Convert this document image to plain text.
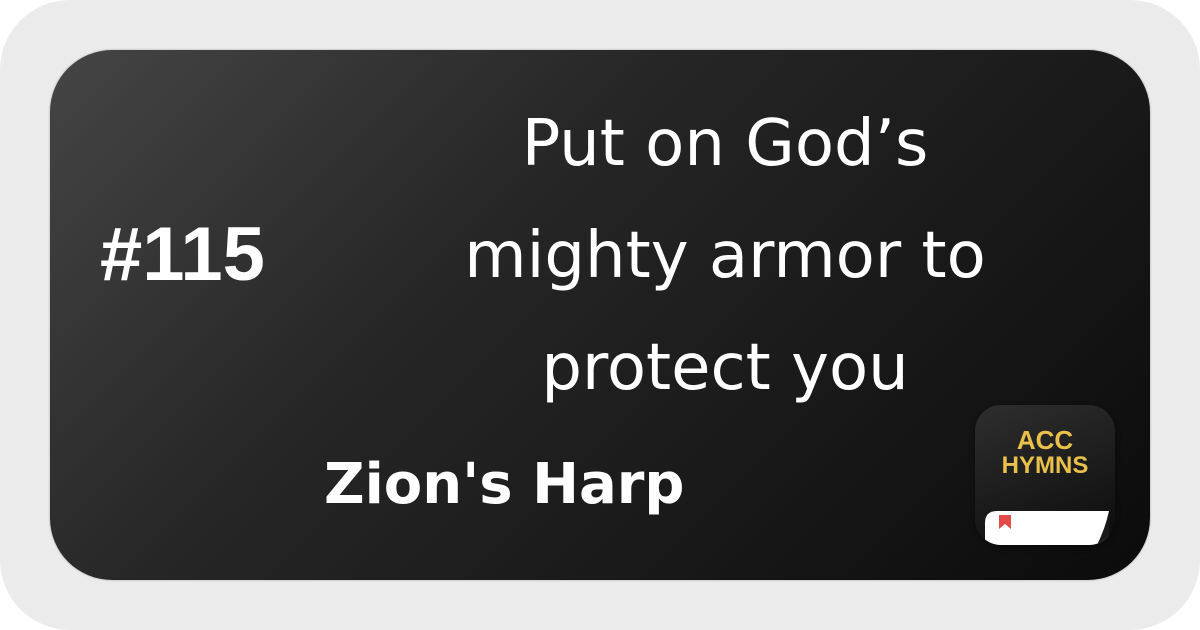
#115
Put on God’s
mighty armor to
protect you
Zion's Harp
ACC
HYMNS
